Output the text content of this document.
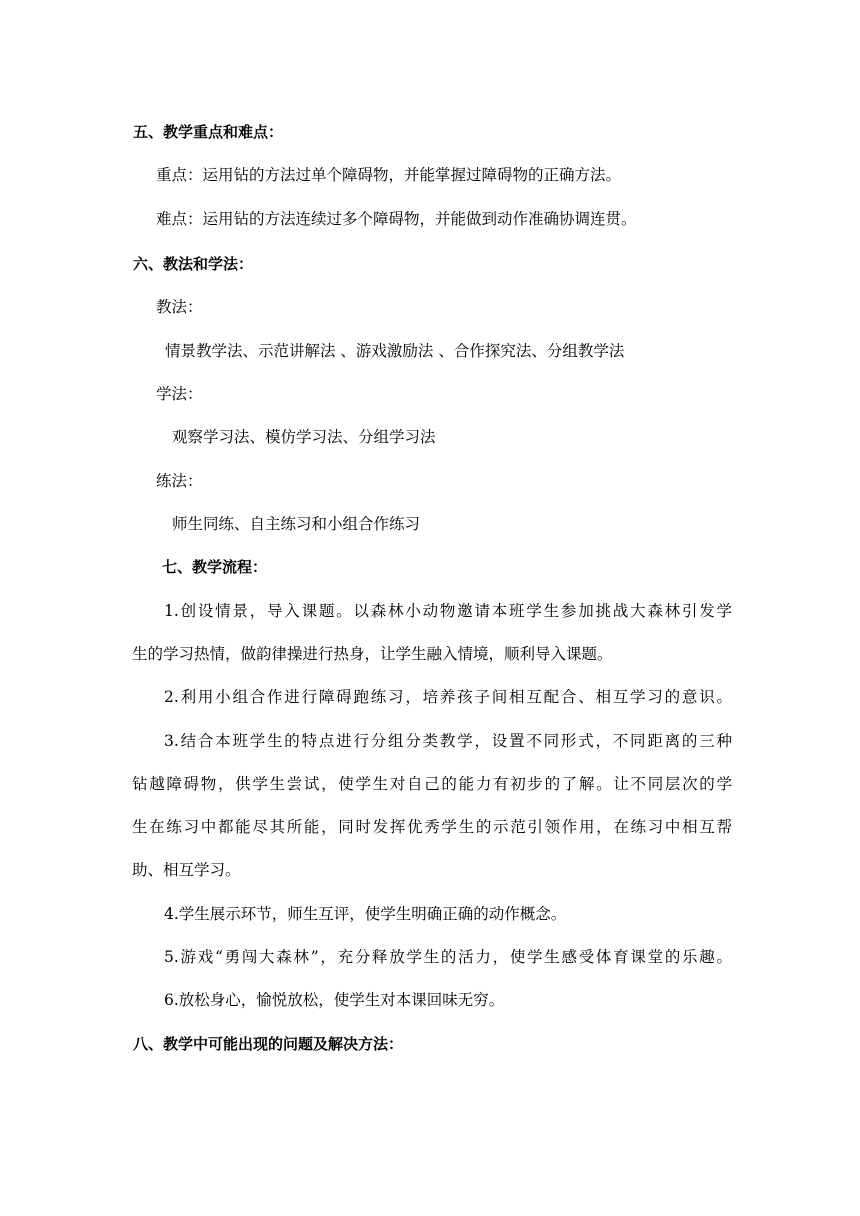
五、教学重点和难点：
重点：运用钻的方法过单个障碍物，并能掌握过障碍物的正确方法。
难点：运用钻的方法连续过多个障碍物，并能做到动作准确协调连贯。
六、教法和学法：
教法：
情景教学法、示范讲解法 、游戏激励法 、合作探究法、分组教学法
学法：
观察学习法、模仿学习法、分组学习法
练法：
师生同练、自主练习和小组合作练习
七、教学流程：
1.创设情景，导入课题。以森林小动物邀请本班学生参加挑战大森林引发学
生的学习热情，做韵律操进行热身，让学生融入情境，顺利导入课题。
2.利用小组合作进行障碍跑练习，培养孩子间相互配合、相互学习的意识。
3.结合本班学生的特点进行分组分类教学，设置不同形式，不同距离的三种
钻越障碍物，供学生尝试，使学生对自己的能力有初步的了解。让不同层次的学
生在练习中都能尽其所能，同时发挥优秀学生的示范引领作用，在练习中相互帮
助、相互学习。
4.学生展示环节，师生互评，使学生明确正确的动作概念。
5.游戏“勇闯大森林”，充分释放学生的活力，使学生感受体育课堂的乐趣。
6.放松身心，愉悦放松，使学生对本课回味无穷。
八、教学中可能出现的问题及解决方法：
